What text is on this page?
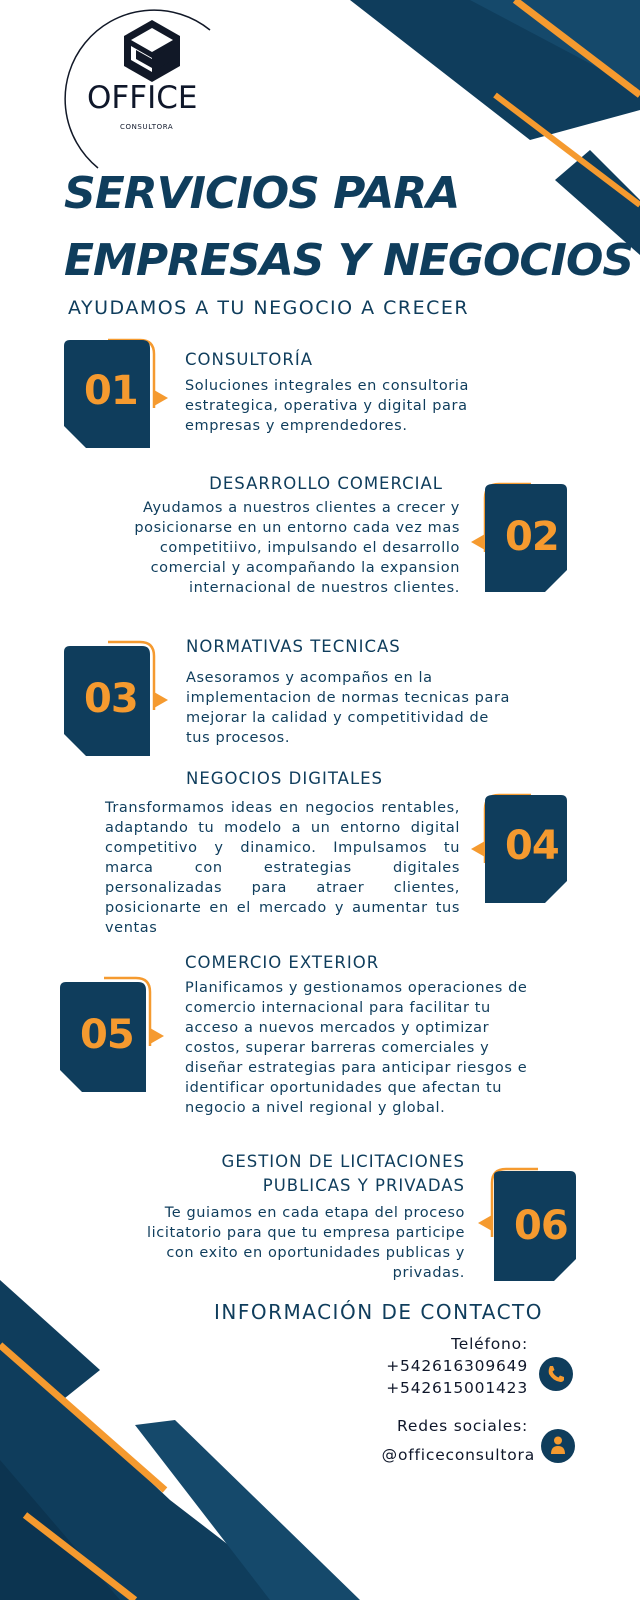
OFFICE
CONSULTORA
SERVICIOS PARA
EMPRESAS Y NEGOCIOS
AYUDAMOS A TU NEGOCIO A CRECER
01
CONSULTORÍA
Soluciones integrales en consultoria estrategica, operativa y digital para empresas y emprendedores.
DESARROLLO COMERCIAL
Ayudamos a nuestros clientes a crecer y posicionarse en un entorno cada vez mas competitiivo, impulsando el desarrollo comercial y acompañando la expansion internacional de nuestros clientes.
02
03
NORMATIVAS TECNICAS
Asesoramos y acompaños en la implementacion de normas tecnicas para mejorar la calidad y competitividad de tus procesos.
NEGOCIOS DIGITALES
Transformamos ideas en negocios rentables, adaptando tu modelo a un entorno digital competitivo y dinamico. Impulsamos tu marca con estrategias digitales personalizadas para atraer clientes, posicionarte en el mercado y aumentar tus ventas
04
05
COMERCIO EXTERIOR
Planificamos y gestionamos operaciones de comercio internacional para facilitar tu acceso a nuevos mercados y optimizar costos, superar barreras comerciales y diseñar estrategias para anticipar riesgos e identificar oportunidades que afectan tu negocio a nivel regional y global.
GESTION DE LICITACIONES
PUBLICAS Y PRIVADAS
Te guiamos en cada etapa del proceso licitatorio para que tu empresa participe con exito en oportunidades publicas y privadas.
06
INFORMACIÓN DE CONTACTO
Teléfono:
+542616309649
+542615001423
Redes sociales:
@officeconsultora
